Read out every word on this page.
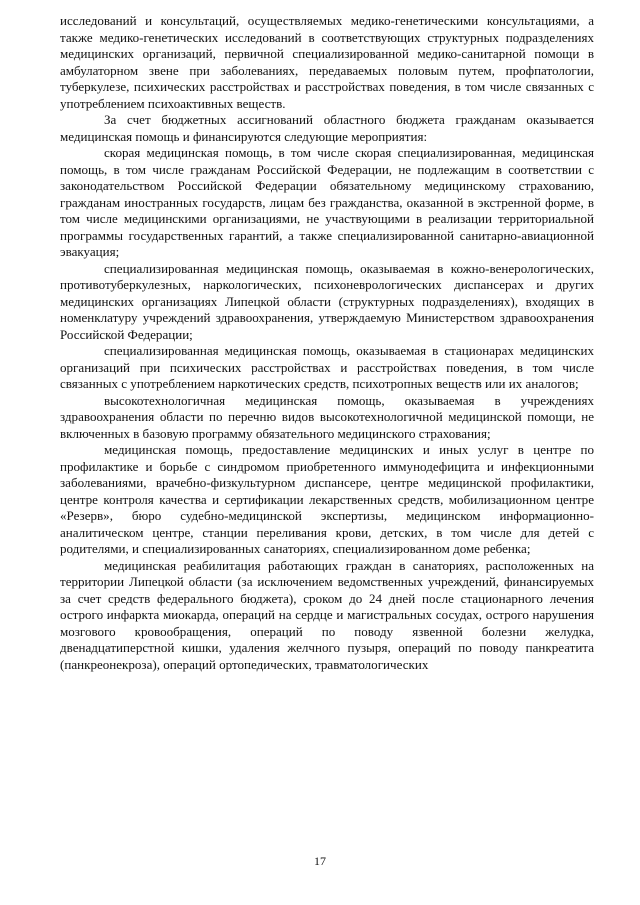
исследований и консультаций, осуществляемых медико-генетическими консультациями, а также медико-генетических исследований в соответствующих структурных подразделениях медицинских организаций, первичной специализированной медико-санитарной помощи в амбулаторном звене при заболеваниях, передаваемых половым путем, профпатологии, туберкулезе, психических расстройствах и расстройствах поведения, в том числе связанных с употреблением психоактивных веществ.

За счет бюджетных ассигнований областного бюджета гражданам оказывается медицинская помощь и финансируются следующие мероприятия:

скорая медицинская помощь, в том числе скорая специализированная, медицинская помощь, в том числе гражданам Российской Федерации, не подлежащим в соответствии с законодательством Российской Федерации обязательному медицинскому страхованию, гражданам иностранных государств, лицам без гражданства, оказанной в экстренной форме, в том числе медицинскими организациями, не участвующими в реализации территориальной программы государственных гарантий, а также специализированной санитарно-авиационной эвакуация;

специализированная медицинская помощь, оказываемая в кожно-венерологических, противотуберкулезных, наркологических, психоневрологических диспансерах и других медицинских организациях Липецкой области (структурных подразделениях), входящих в номенклатуру учреждений здравоохранения, утверждаемую Министерством здравоохранения Российской Федерации;

специализированная медицинская помощь, оказываемая в стационарах медицинских организаций при психических расстройствах и расстройствах поведения, в том числе связанных с употреблением наркотических средств, психотропных веществ или их аналогов;

высокотехнологичная медицинская помощь, оказываемая в учреждениях здравоохранения области по перечню видов высокотехнологичной медицинской помощи, не включенных в базовую программу обязательного медицинского страхования;

медицинская помощь, предоставление медицинских и иных услуг в центре по профилактике и борьбе с синдромом приобретенного иммунодефицита и инфекционными заболеваниями, врачебно-физкультурном диспансере, центре медицинской профилактики, центре контроля качества и сертификации лекарственных средств, мобилизационном центре «Резерв», бюро судебно-медицинской экспертизы, медицинском информационно-аналитическом центре, станции переливания крови, детских, в том числе для детей с родителями, и специализированных санаториях, специализированном доме ребенка;

медицинская реабилитация работающих граждан в санаториях, расположенных на территории Липецкой области (за исключением ведомственных учреждений, финансируемых за счет средств федерального бюджета), сроком до 24 дней после стационарного лечения острого инфаркта миокарда, операций на сердце и магистральных сосудах, острого нарушения мозгового кровообращения, операций по поводу язвенной болезни желудка, двенадцатиперстной кишки, удаления желчного пузыря, операций по поводу панкреатита (панкреонекроза), операций ортопедических, травматологических

17
